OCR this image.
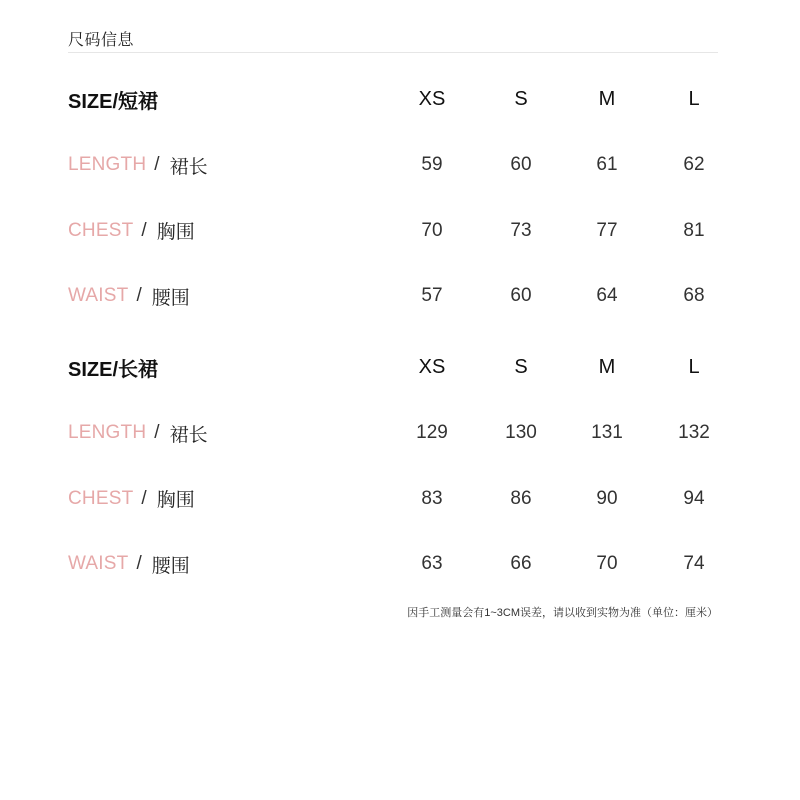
尺码信息
SIZE/短裙	XS	S	M	L
LENGTH / 裙长	59	60	61	62
CHEST / 胸围	70	73	77	81
WAIST / 腰围	57	60	64	68
SIZE/长裙	XS	S	M	L
LENGTH / 裙长	129	130	131	132
CHEST / 胸围	83	86	90	94
WAIST / 腰围	63	66	70	74
因手工测量会有1~3CM误差，请以收到实物为准（单位：厘米）
